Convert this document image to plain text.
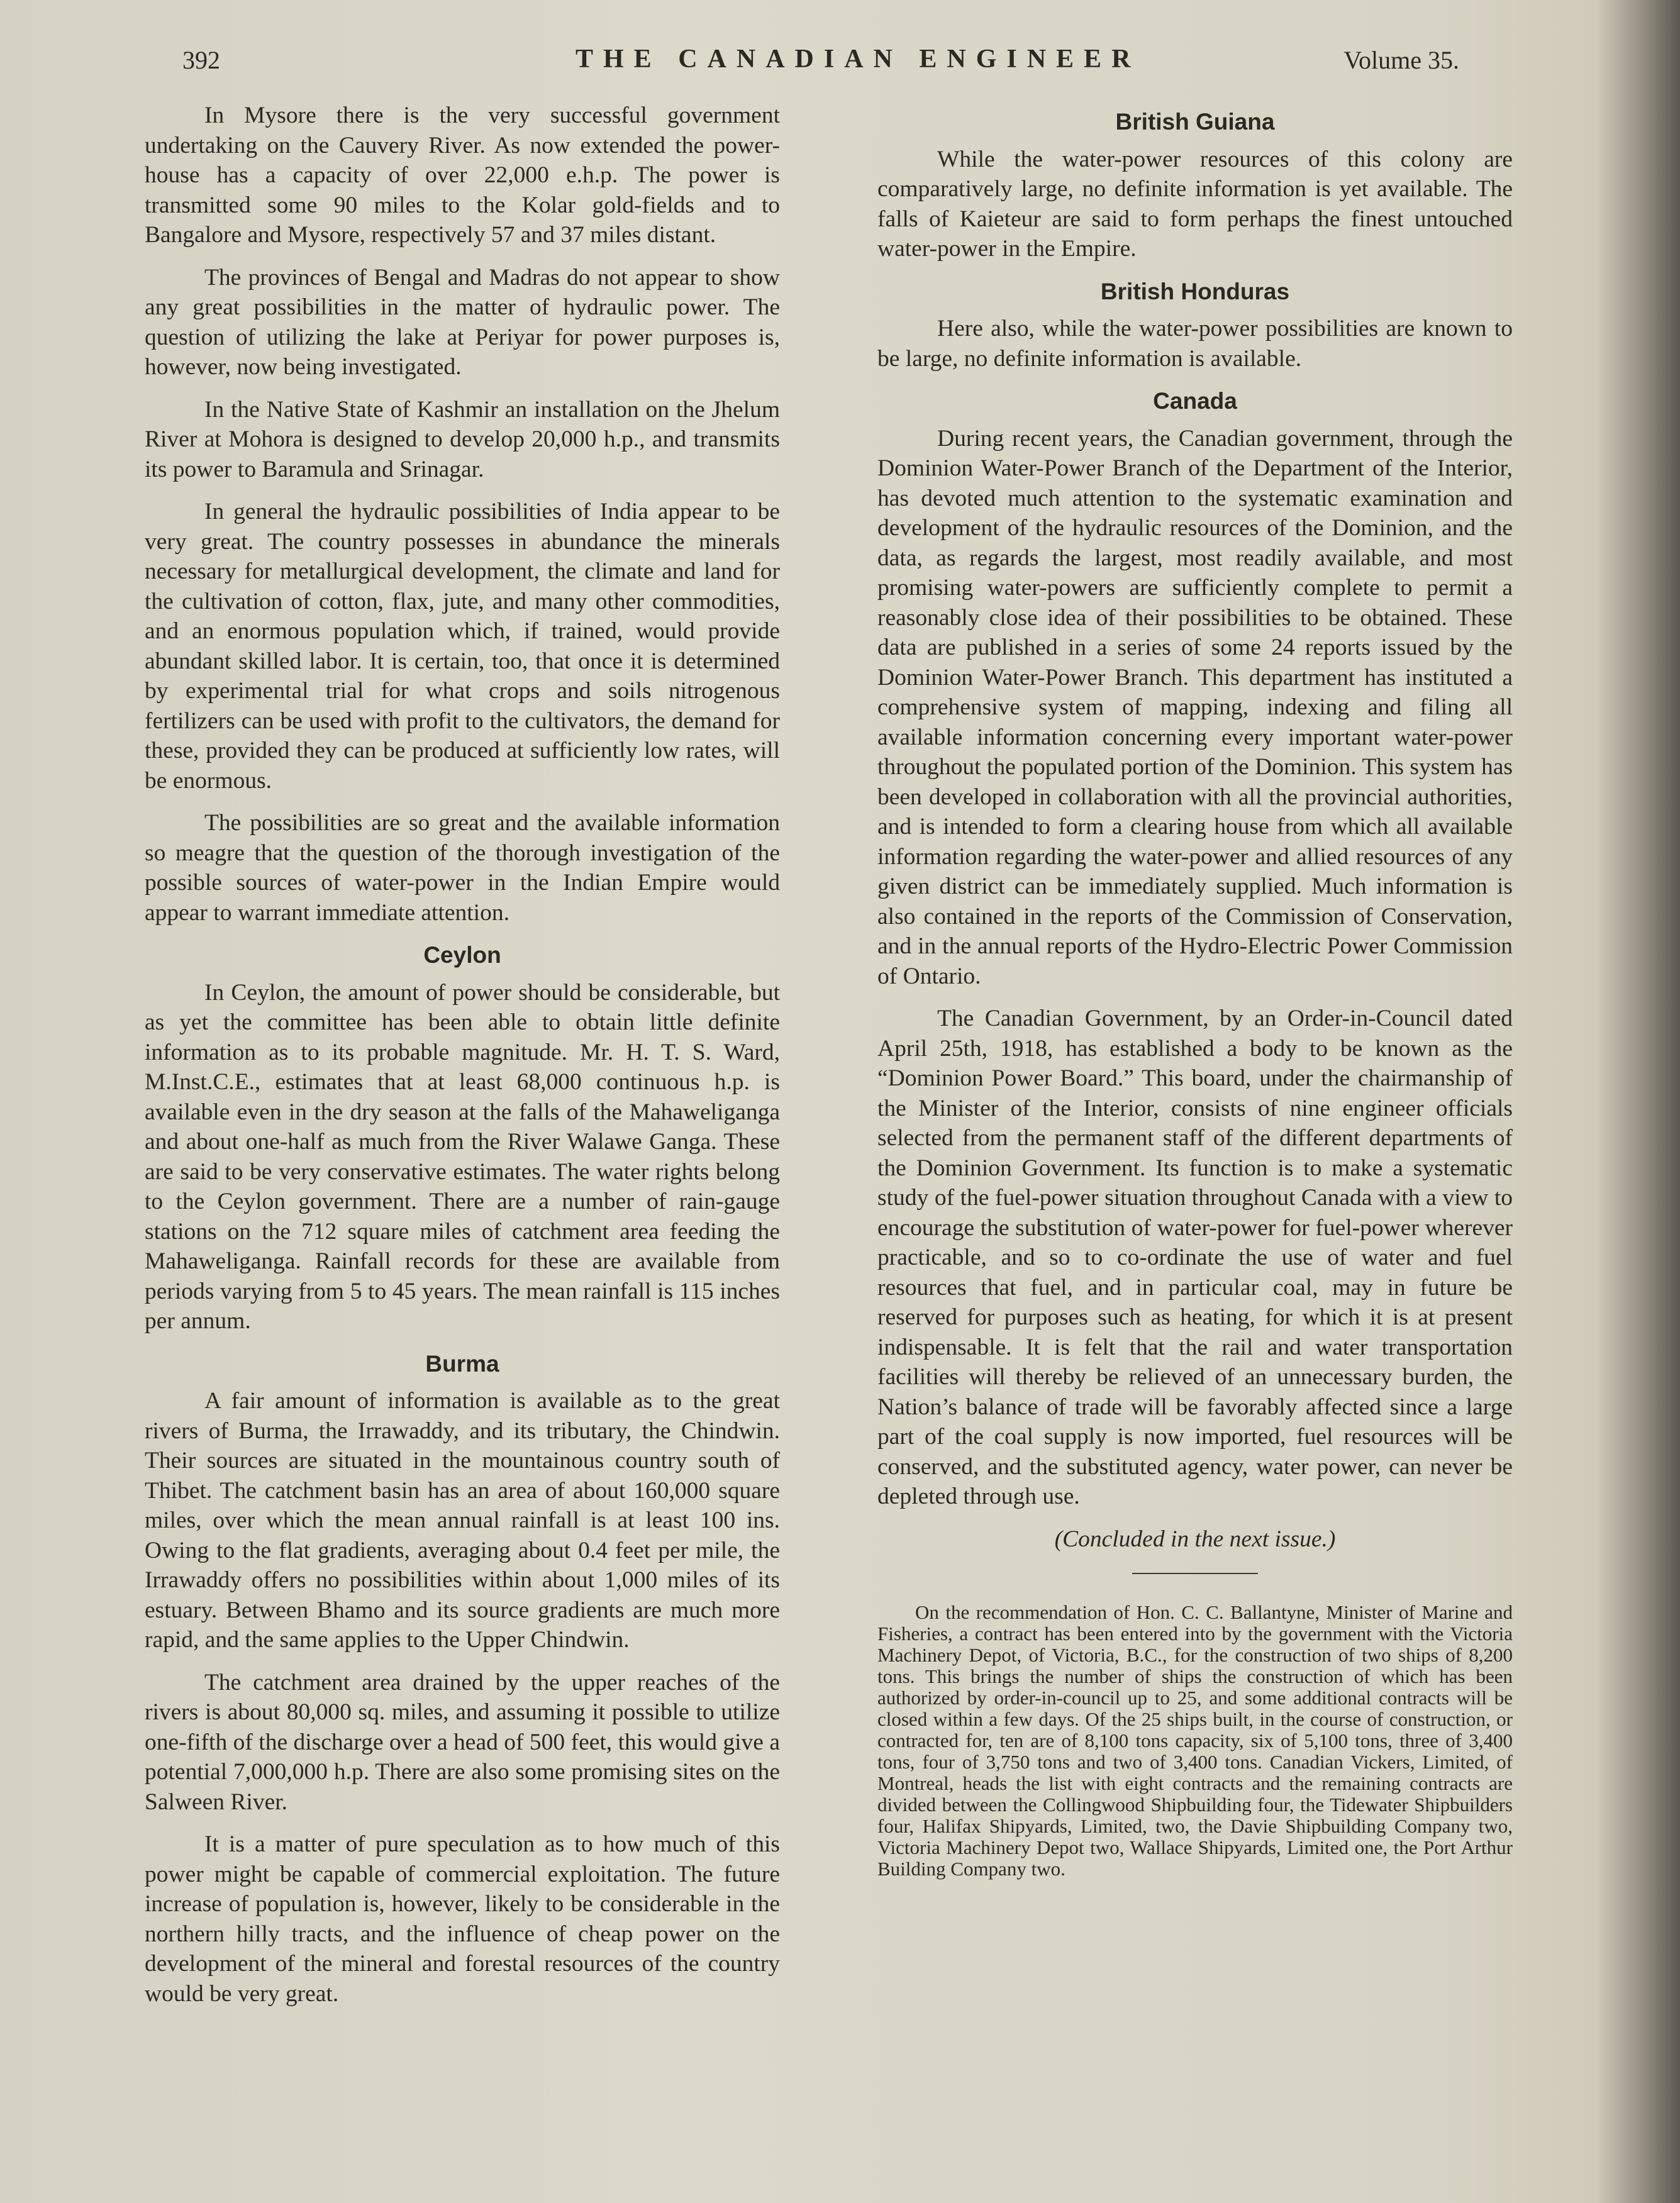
392	THE CANADIAN ENGINEER	Volume 35.

In Mysore there is the very successful government undertaking on the Cauvery River. As now extended the power-house has a capacity of over 22,000 e.h.p. The power is transmitted some 90 miles to the Kolar gold-fields and to Bangalore and Mysore, respectively 57 and 37 miles distant.

The provinces of Bengal and Madras do not appear to show any great possibilities in the matter of hydraulic power. The question of utilizing the lake at Periyar for power purposes is, however, now being investigated.

In the Native State of Kashmir an installation on the Jhelum River at Mohora is designed to develop 20,000 h.p., and transmits its power to Baramula and Srinagar.

In general the hydraulic possibilities of India appear to be very great. The country possesses in abundance the minerals necessary for metallurgical development, the climate and land for the cultivation of cotton, flax, jute, and many other commodities, and an enormous population which, if trained, would provide abundant skilled labor. It is certain, too, that once it is determined by experimental trial for what crops and soils nitrogenous fertilizers can be used with profit to the cultivators, the demand for these, provided they can be produced at sufficiently low rates, will be enormous.

The possibilities are so great and the available information so meagre that the question of the thorough investigation of the possible sources of water-power in the Indian Empire would appear to warrant immediate attention.

Ceylon

In Ceylon, the amount of power should be considerable, but as yet the committee has been able to obtain little definite information as to its probable magnitude. Mr. H. T. S. Ward, M.Inst.C.E., estimates that at least 68,000 continuous h.p. is available even in the dry season at the falls of the Mahaweliganga and about one-half as much from the River Walawe Ganga. These are said to be very conservative estimates. The water rights belong to the Ceylon government. There are a number of rain-gauge stations on the 712 square miles of catchment area feeding the Mahaweliganga. Rainfall records for these are available from periods varying from 5 to 45 years. The mean rainfall is 115 inches per annum.

Burma

A fair amount of information is available as to the great rivers of Burma, the Irrawaddy, and its tributary, the Chindwin. Their sources are situated in the mountainous country south of Thibet. The catchment basin has an area of about 160,000 square miles, over which the mean annual rainfall is at least 100 ins. Owing to the flat gradients, averaging about 0.4 feet per mile, the Irrawaddy offers no possibilities within about 1,000 miles of its estuary. Between Bhamo and its source gradients are much more rapid, and the same applies to the Upper Chindwin.

The catchment area drained by the upper reaches of the rivers is about 80,000 sq. miles, and assuming it possible to utilize one-fifth of the discharge over a head of 500 feet, this would give a potential 7,000,000 h.p. There are also some promising sites on the Salween River.

It is a matter of pure speculation as to how much of this power might be capable of commercial exploitation. The future increase of population is, however, likely to be considerable in the northern hilly tracts, and the influence of cheap power on the development of the mineral and forestal resources of the country would be very great.

British Guiana

While the water-power resources of this colony are comparatively large, no definite information is yet available. The falls of Kaieteur are said to form perhaps the finest untouched water-power in the Empire.

British Honduras

Here also, while the water-power possibilities are known to be large, no definite information is available.

Canada

During recent years, the Canadian government, through the Dominion Water-Power Branch of the Department of the Interior, has devoted much attention to the systematic examination and development of the hydraulic resources of the Dominion, and the data, as regards the largest, most readily available, and most promising water-powers are sufficiently complete to permit a reasonably close idea of their possibilities to be obtained. These data are published in a series of some 24 reports issued by the Dominion Water-Power Branch. This department has instituted a comprehensive system of mapping, indexing and filing all available information concerning every important water-power throughout the populated portion of the Dominion. This system has been developed in collaboration with all the provincial authorities, and is intended to form a clearing house from which all available information regarding the water-power and allied resources of any given district can be immediately supplied. Much information is also contained in the reports of the Commission of Conservation, and in the annual reports of the Hydro-Electric Power Commission of Ontario.

The Canadian Government, by an Order-in-Council dated April 25th, 1918, has established a body to be known as the “Dominion Power Board.” This board, under the chairmanship of the Minister of the Interior, consists of nine engineer officials selected from the permanent staff of the different departments of the Dominion Government. Its function is to make a systematic study of the fuel-power situation throughout Canada with a view to encourage the substitution of water-power for fuel-power wherever practicable, and so to co-ordinate the use of water and fuel resources that fuel, and in particular coal, may in future be reserved for purposes such as heating, for which it is at present indispensable. It is felt that the rail and water transportation facilities will thereby be relieved of an unnecessary burden, the Nation’s balance of trade will be favorably affected since a large part of the coal supply is now imported, fuel resources will be conserved, and the substituted agency, water power, can never be depleted through use.

(Concluded in the next issue.)

On the recommendation of Hon. C. C. Ballantyne, Minister of Marine and Fisheries, a contract has been entered into by the government with the Victoria Machinery Depot, of Victoria, B.C., for the construction of two ships of 8,200 tons. This brings the number of ships the construction of which has been authorized by order-in-council up to 25, and some additional contracts will be closed within a few days. Of the 25 ships built, in the course of construction, or contracted for, ten are of 8,100 tons capacity, six of 5,100 tons, three of 3,400 tons, four of 3,750 tons and two of 3,400 tons. Canadian Vickers, Limited, of Montreal, heads the list with eight contracts and the remaining contracts are divided between the Collingwood Shipbuilding four, the Tidewater Shipbuilders four, Halifax Shipyards, Limited, two, the Davie Shipbuilding Company two, Victoria Machinery Depot two, Wallace Shipyards, Limited one, the Port Arthur Building Company two.
